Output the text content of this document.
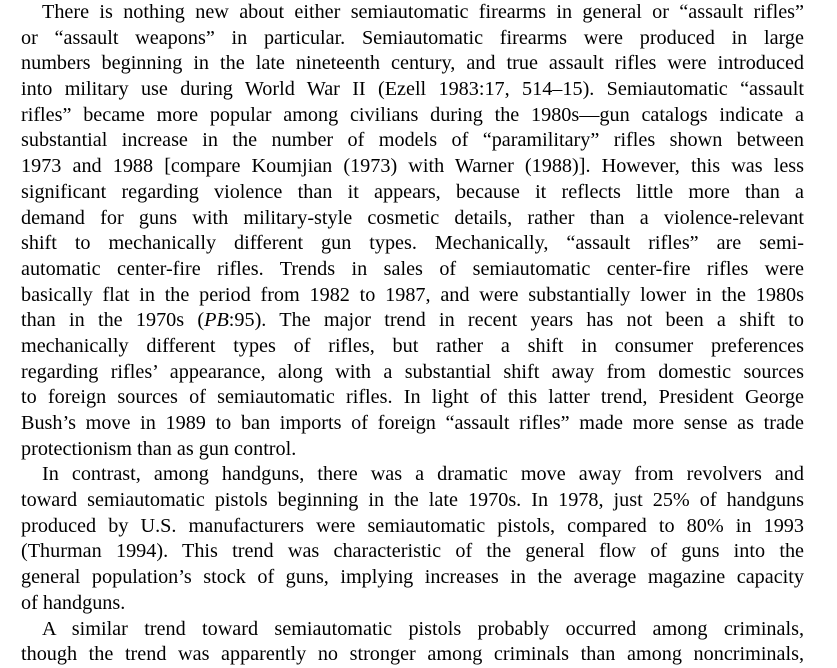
There is nothing new about either semiautomatic firearms in general or “assault rifles”
or “assault weapons” in particular. Semiautomatic firearms were produced in large
numbers beginning in the late nineteenth century, and true assault rifles were introduced
into military use during World War II (Ezell 1983:17, 514–15). Semiautomatic “assault
rifles” became more popular among civilians during the 1980s—gun catalogs indicate a
substantial increase in the number of models of “paramilitary” rifles shown between
1973 and 1988 [compare Koumjian (1973) with Warner (1988)]. However, this was less
significant regarding violence than it appears, because it reflects little more than a
demand for guns with military-style cosmetic details, rather than a violence-relevant
shift to mechanically different gun types. Mechanically, “assault rifles” are semi-
automatic center-fire rifles. Trends in sales of semiautomatic center-fire rifles were
basically flat in the period from 1982 to 1987, and were substantially lower in the 1980s
than in the 1970s (PB:95). The major trend in recent years has not been a shift to
mechanically different types of rifles, but rather a shift in consumer preferences
regarding rifles’ appearance, along with a substantial shift away from domestic sources
to foreign sources of semiautomatic rifles. In light of this latter trend, President George
Bush’s move in 1989 to ban imports of foreign “assault rifles” made more sense as trade
protectionism than as gun control.
In contrast, among handguns, there was a dramatic move away from revolvers and
toward semiautomatic pistols beginning in the late 1970s. In 1978, just 25% of handguns
produced by U.S. manufacturers were semiautomatic pistols, compared to 80% in 1993
(Thurman 1994). This trend was characteristic of the general flow of guns into the
general population’s stock of guns, implying increases in the average magazine capacity
of handguns.
A similar trend toward semiautomatic pistols probably occurred among criminals,
though the trend was apparently no stronger among criminals than among noncriminals,
